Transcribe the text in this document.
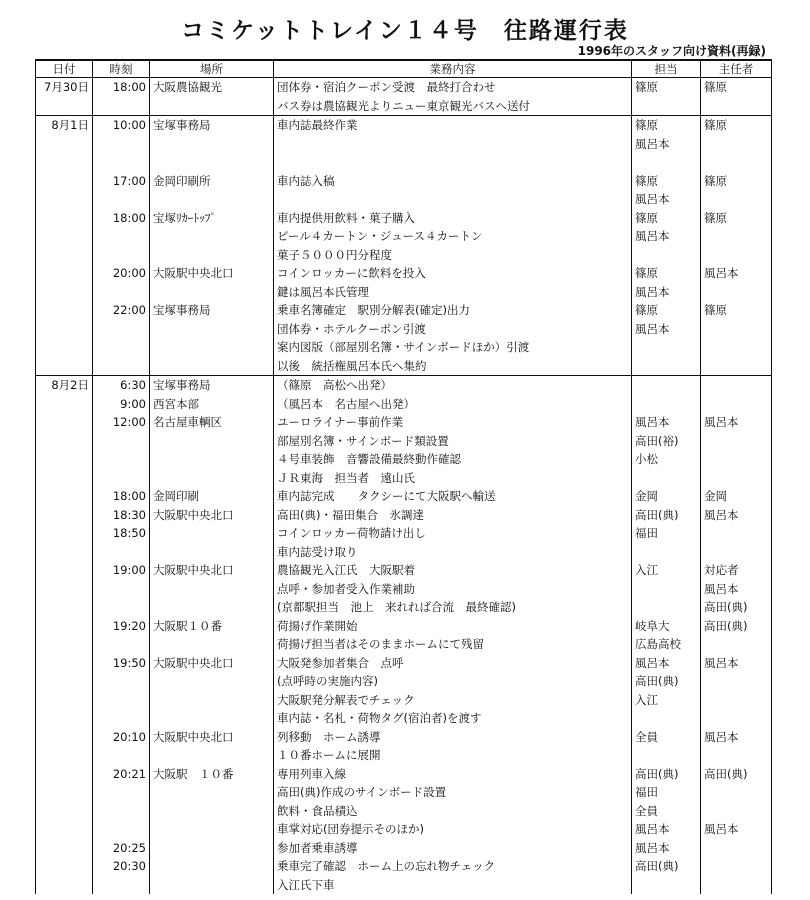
コミケットトレイン１４号　往路運行表
1996年のスタッフ向け資料(再録)
日付	時刻	場所	業務内容	担当	主任者
7月30日	18:00	大阪農協観光	団体券・宿泊クーポン受渡　最終打合わせ	篠原	篠原
			バス券は農協観光よりニュー東京観光バスへ送付		
8月1日	10:00	宝塚事務局	車内誌最終作業	篠原	篠原
				風呂本	

	17:00	金岡印刷所	車内誌入稿	篠原	篠原
				風呂本	
	18:00	宝塚ﾘｶｰﾄｯﾌﾟ	車内提供用飲料・菓子購入	篠原	篠原
			ビール４カートン・ジュース４カートン	風呂本	
			菓子５０００円分程度		
	20:00	大阪駅中央北口	コインロッカーに飲料を投入	篠原	風呂本
			鍵は風呂本氏管理	風呂本	
	22:00	宝塚事務局	乗車名簿確定　駅別分解表(確定)出力	篠原	篠原
			団体券・ホテルクーポン引渡	風呂本	
			案内図版（部屋別名簿・サインボードほか）引渡		
			以後　統括権風呂本氏へ集約		
8月2日	6:30	宝塚事務局	（篠原　高松へ出発）		
	9:00	西宮本部	（風呂本　名古屋へ出発）		
	12:00	名古屋車輌区	ユーロライナー事前作業	風呂本	風呂本
			部屋別名簿・サインボード類設置	高田(裕)	
			４号車装飾　音響設備最終動作確認	小松	
			ＪＲ東海　担当者　遠山氏		
	18:00	金岡印刷	車内誌完成　　タクシーにて大阪駅へ輸送	金岡	金岡
	18:30	大阪駅中央北口	高田(典)・福田集合　氷調達	高田(典)	風呂本
	18:50		コインロッカー荷物請け出し	福田	
			車内誌受け取り		
	19:00	大阪駅中央北口	農協観光入江氏　大阪駅着	入江	対応者
			点呼・参加者受入作業補助		風呂本
			(京都駅担当　池上　来れれば合流　最終確認)		高田(典)
	19:20	大阪駅１０番	荷揚げ作業開始	岐阜大	高田(典)
			荷揚げ担当者はそのままホームにて残留	広島高校	
	19:50	大阪駅中央北口	大阪発参加者集合　点呼	風呂本	風呂本
			(点呼時の実施内容)	高田(典)	
			大阪駅発分解表でチェック	入江	
			車内誌・名札・荷物タグ(宿泊者)を渡す		
	20:10	大阪駅中央北口	列移動　ホーム誘導	全員	風呂本
			１０番ホームに展開		
	20:21	大阪駅　１０番	専用列車入線	高田(典)	高田(典)
			高田(典)作成のサインボード設置	福田	
			飲料・食品積込	全員	
			車掌対応(団券提示そのほか)	風呂本	風呂本
	20:25		参加者乗車誘導	風呂本	
	20:30		乗車完了確認　ホーム上の忘れ物チェック	高田(典)	
			入江氏下車		
